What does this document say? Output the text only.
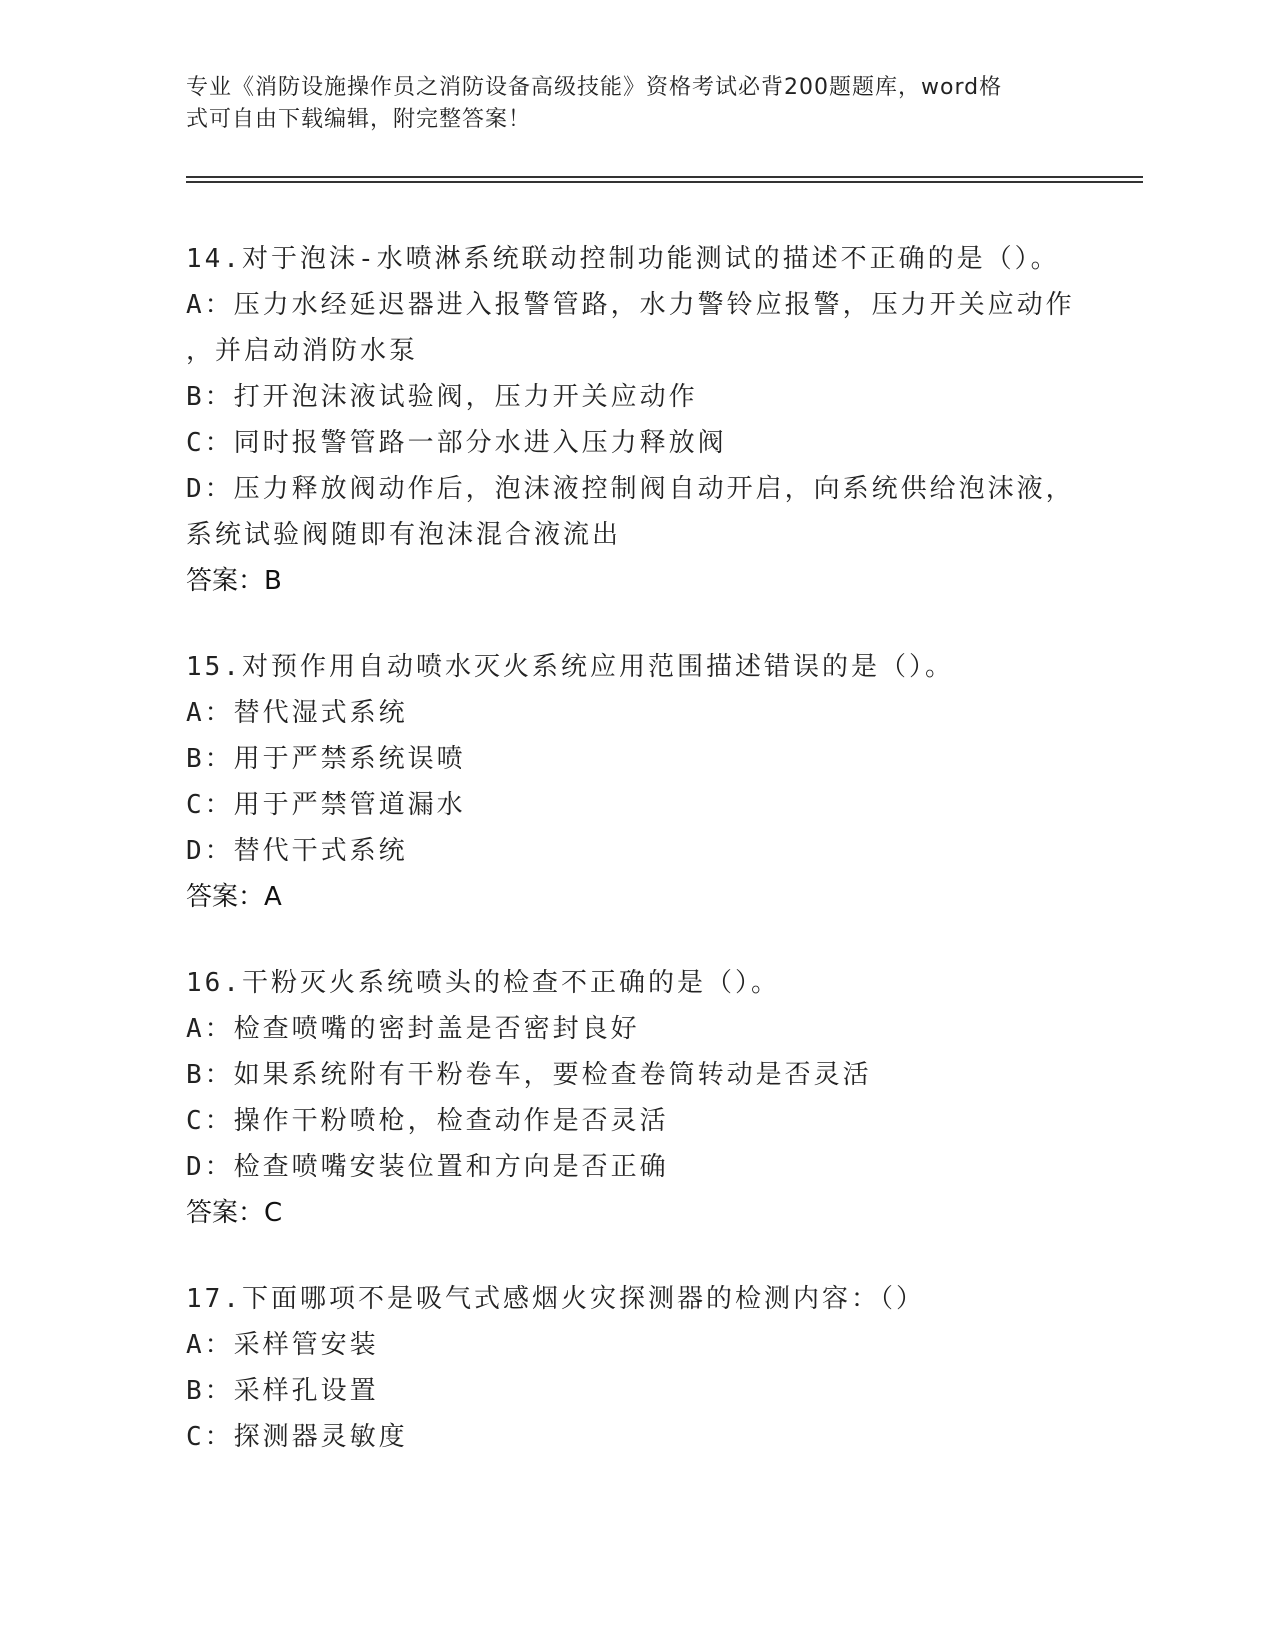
专业《消防设施操作员之消防设备高级技能》资格考试必背200题题库，word格
式可自由下载编辑，附完整答案！
14.对于泡沫-水喷淋系统联动控制功能测试的描述不正确的是（）。
A：压力水经延迟器进入报警管路，水力警铃应报警，压力开关应动作
，并启动消防水泵
B：打开泡沫液试验阀，压力开关应动作
C：同时报警管路一部分水进入压力释放阀
D：压力释放阀动作后，泡沫液控制阀自动开启，向系统供给泡沫液，
系统试验阀随即有泡沫混合液流出
答案：B
15.对预作用自动喷水灭火系统应用范围描述错误的是（）。
A：替代湿式系统
B：用于严禁系统误喷
C：用于严禁管道漏水
D：替代干式系统
答案：A
16.干粉灭火系统喷头的检查不正确的是（）。
A：检查喷嘴的密封盖是否密封良好
B：如果系统附有干粉卷车，要检查卷筒转动是否灵活
C：操作干粉喷枪，检查动作是否灵活
D：检查喷嘴安装位置和方向是否正确
答案：C
17.下面哪项不是吸气式感烟火灾探测器的检测内容：（）
A：采样管安装
B：采样孔设置
C：探测器灵敏度
